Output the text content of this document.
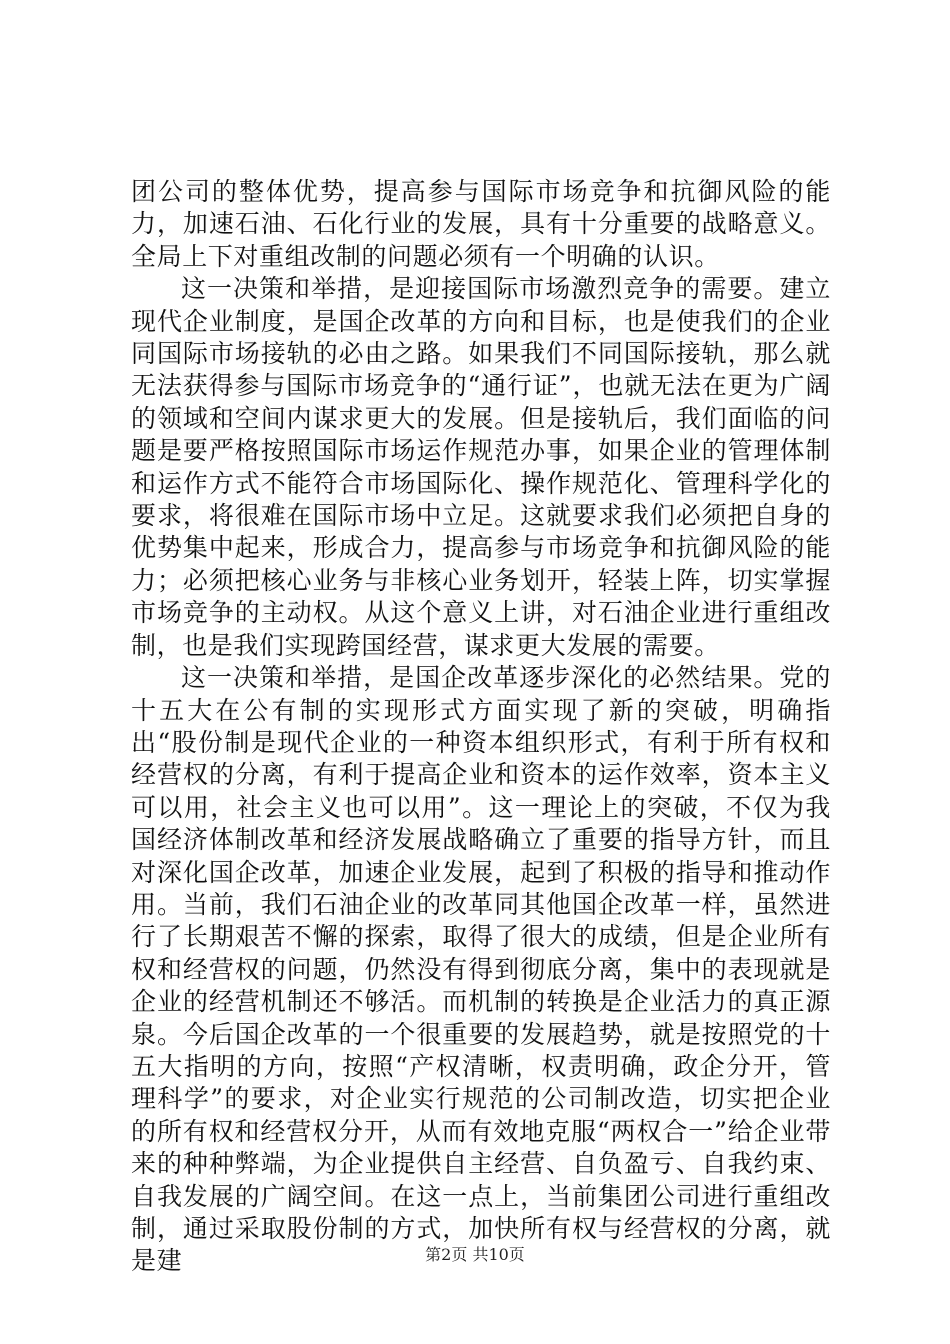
团公司的整体优势，提高参与国际市场竞争和抗御风险的能力，加速石油、石化行业的发展，具有十分重要的战略意义。全局上下对重组改制的问题必须有一个明确的认识。

这一决策和举措，是迎接国际市场激烈竞争的需要。建立现代企业制度，是国企改革的方向和目标，也是使我们的企业同国际市场接轨的必由之路。如果我们不同国际接轨，那么就无法获得参与国际市场竞争的“通行证”，也就无法在更为广阔的领域和空间内谋求更大的发展。但是接轨后，我们面临的问题是要严格按照国际市场运作规范办事，如果企业的管理体制和运作方式不能符合市场国际化、操作规范化、管理科学化的要求，将很难在国际市场中立足。这就要求我们必须把自身的优势集中起来，形成合力，提高参与市场竞争和抗御风险的能力；必须把核心业务与非核心业务划开，轻装上阵，切实掌握市场竞争的主动权。从这个意义上讲，对石油企业进行重组改制，也是我们实现跨国经营，谋求更大发展的需要。

这一决策和举措，是国企改革逐步深化的必然结果。党的十五大在公有制的实现形式方面实现了新的突破，明确指出“股份制是现代企业的一种资本组织形式，有利于所有权和经营权的分离，有利于提高企业和资本的运作效率，资本主义可以用，社会主义也可以用”。这一理论上的突破，不仅为我国经济体制改革和经济发展战略确立了重要的指导方针，而且对深化国企改革，加速企业发展，起到了积极的指导和推动作用。当前，我们石油企业的改革同其他国企改革一样，虽然进行了长期艰苦不懈的探索，取得了很大的成绩，但是企业所有权和经营权的问题，仍然没有得到彻底分离，集中的表现就是企业的经营机制还不够活。而机制的转换是企业活力的真正源泉。今后国企改革的一个很重要的发展趋势，就是按照党的十五大指明的方向，按照“产权清晰，权责明确，政企分开，管理科学”的要求，对企业实行规范的公司制改造，切实把企业的所有权和经营权分开，从而有效地克服“两权合一”给企业带来的种种弊端，为企业提供自主经营、自负盈亏、自我约束、自我发展的广阔空间。在这一点上，当前集团公司进行重组改制，通过采取股份制的方式，加快所有权与经营权的分离，就是建	第2页 共10页
